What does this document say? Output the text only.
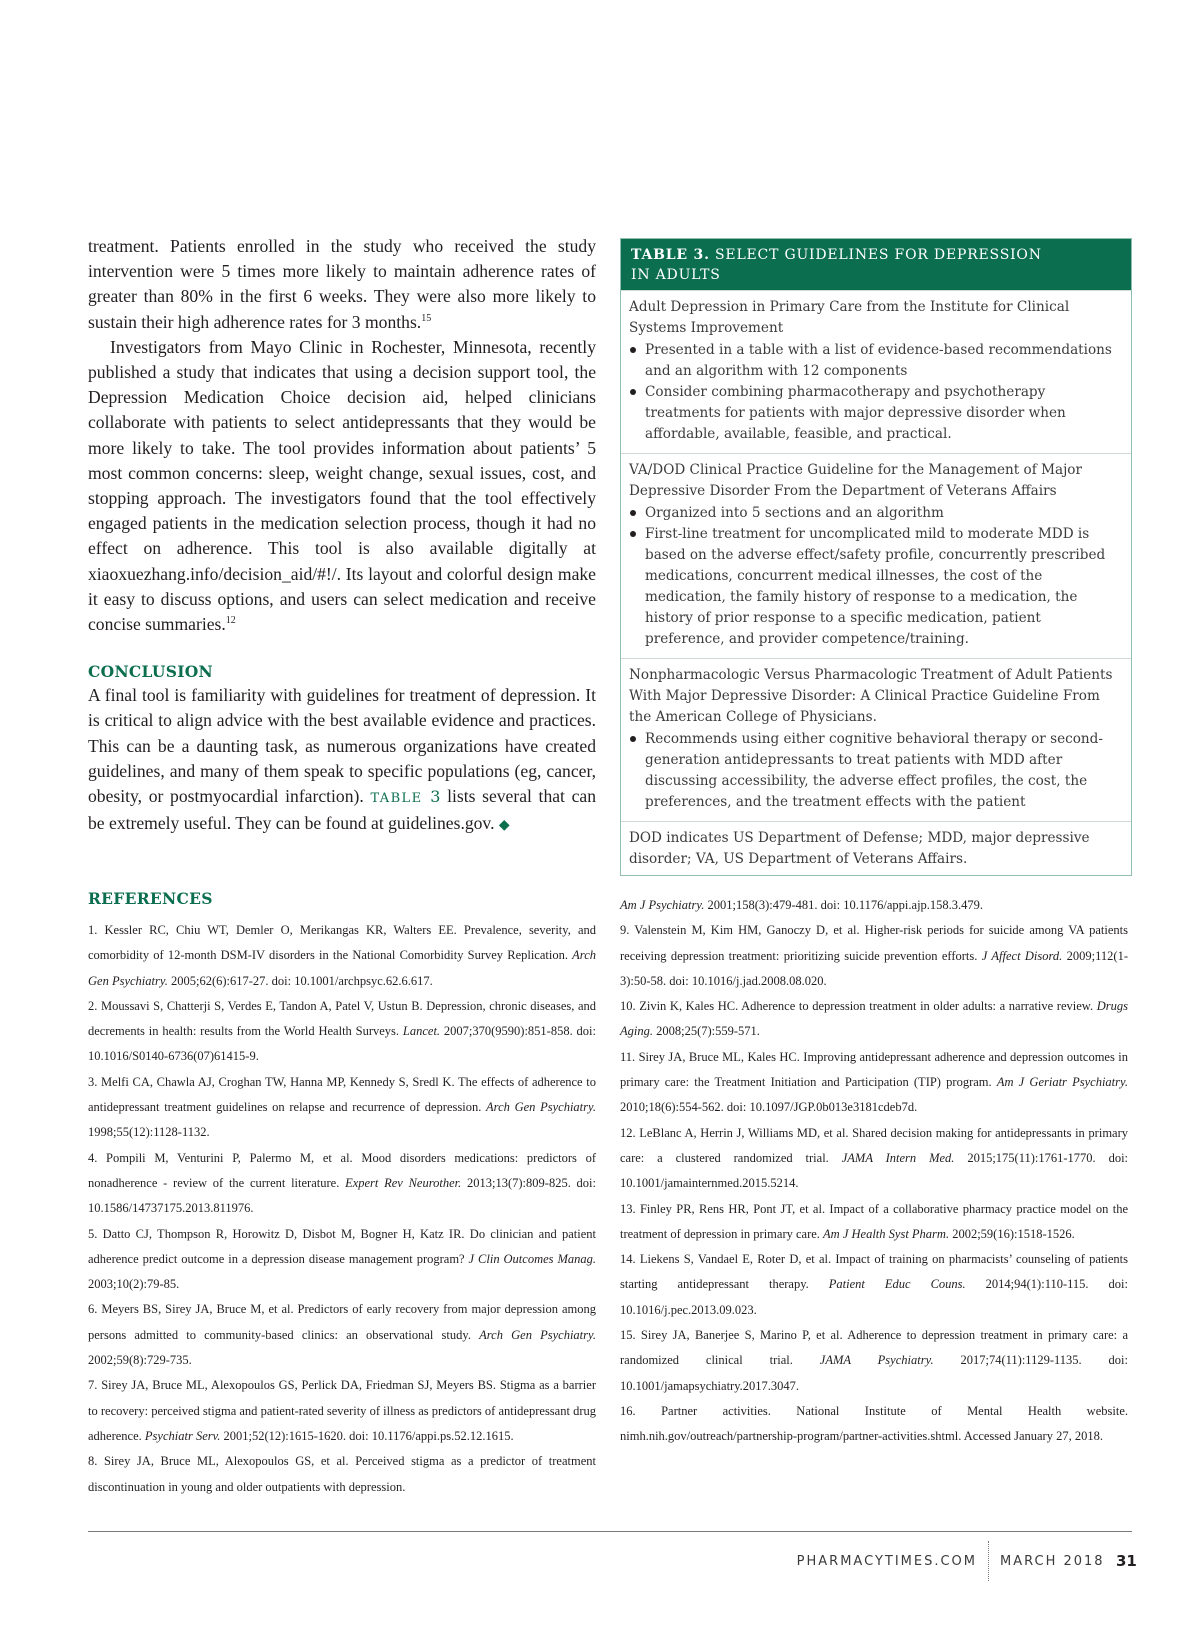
treatment. Patients enrolled in the study who received the study intervention were 5 times more likely to maintain adherence rates of greater than 80% in the first 6 weeks. They were also more likely to sustain their high adherence rates for 3 months.$^{15}$

Investigators from Mayo Clinic in Rochester, Minnesota, recently published a study that indicates that using a decision support tool, the Depression Medication Choice decision aid, helped clinicians collaborate with patients to select antidepressants that they would be more likely to take. The tool provides information about patients’ 5 most common concerns: sleep, weight change, sexual issues, cost, and stopping approach. The investigators found that the tool effectively engaged patients in the medication selection process, though it had no effect on adherence. This tool is also available digitally at xiaoxuezhang.info/decision_aid/#!/. Its layout and colorful design make it easy to discuss options, and users can select medication and receive concise summaries.$^{12}$

CONCLUSION

A final tool is familiarity with guidelines for treatment of depression. It is critical to align advice with the best available evidence and practices. This can be a daunting task, as numerous organizations have created guidelines, and many of them speak to specific populations (eg, cancer, obesity, or postmyocardial infarction). TABLE 3 lists several that can be extremely useful. They can be found at guidelines.gov. ◆

TABLE 3. SELECT GUIDELINES FOR DEPRESSION
IN ADULTS
Adult Depression in Primary Care from the Institute for Clinical Systems Improvement
Presented in a table with a list of evidence-based recommendations and an algorithm with 12 components
Consider combining pharmacotherapy and psychotherapy treatments for patients with major depressive disorder when affordable, available, feasible, and practical.
VA/DOD Clinical Practice Guideline for the Management of Major Depressive Disorder From the Department of Veterans Affairs
Organized into 5 sections and an algorithm
First-line treatment for uncomplicated mild to moderate MDD is based on the adverse effect/safety profile, concurrently prescribed medications, concurrent medical illnesses, the cost of the medication, the family history of response to a medication, the history of prior response to a specific medication, patient preference, and provider competence/training.
Nonpharmacologic Versus Pharmacologic Treatment of Adult Patients With Major Depressive Disorder: A Clinical Practice Guideline From the American College of Physicians.
Recommends using either cognitive behavioral therapy or second-generation antidepressants to treat patients with MDD after discussing accessibility, the adverse effect profiles, the cost, the preferences, and the treatment effects with the patient
DOD indicates US Department of Defense; MDD, major depressive disorder; VA, US Department of Veterans Affairs.
REFERENCES

1. Kessler RC, Chiu WT, Demler O, Merikangas KR, Walters EE. Prevalence, severity, and comorbidity of 12-month DSM-IV disorders in the National Comorbidity Survey Replication. Arch Gen Psychiatry. 2005;62(6):617-27. doi: 10.1001/archpsyc.62.6.617.

2. Moussavi S, Chatterji S, Verdes E, Tandon A, Patel V, Ustun B. Depression, chronic diseases, and decrements in health: results from the World Health Surveys. Lancet. 2007;370(9590):851-858. doi: 10.1016/S0140-6736(07)61415-9.

3. Melfi CA, Chawla AJ, Croghan TW, Hanna MP, Kennedy S, Sredl K. The effects of adherence to antidepressant treatment guidelines on relapse and recurrence of depression. Arch Gen Psychiatry. 1998;55(12):1128-1132.

4. Pompili M, Venturini P, Palermo M, et al. Mood disorders medications: predictors of nonadherence - review of the current literature. Expert Rev Neurother. 2013;13(7):809-825. doi: 10.1586/14737175.2013.811976.

5. Datto CJ, Thompson R, Horowitz D, Disbot M, Bogner H, Katz IR. Do clinician and patient adherence predict outcome in a depression disease management program? J Clin Outcomes Manag. 2003;10(2):79-85.

6. Meyers BS, Sirey JA, Bruce M, et al. Predictors of early recovery from major depression among persons admitted to community-based clinics: an observational study. Arch Gen Psychiatry. 2002;59(8):729-735.

7. Sirey JA, Bruce ML, Alexopoulos GS, Perlick DA, Friedman SJ, Meyers BS. Stigma as a barrier to recovery: perceived stigma and patient-rated severity of illness as predictors of antidepressant drug adherence. Psychiatr Serv. 2001;52(12):1615-1620. doi: 10.1176/appi.ps.52.12.1615.

8. Sirey JA, Bruce ML, Alexopoulos GS, et al. Perceived stigma as a predictor of treatment discontinuation in young and older outpatients with depression.

Am J Psychiatry. 2001;158(3):479-481. doi: 10.1176/appi.ajp.158.3.479.

9. Valenstein M, Kim HM, Ganoczy D, et al. Higher-risk periods for suicide among VA patients receiving depression treatment: prioritizing suicide prevention efforts. J Affect Disord. 2009;112(1-3):50-58. doi: 10.1016/j.jad.2008.08.020.

10. Zivin K, Kales HC. Adherence to depression treatment in older adults: a narrative review. Drugs Aging. 2008;25(7):559-571.

11. Sirey JA, Bruce ML, Kales HC. Improving antidepressant adherence and depression outcomes in primary care: the Treatment Initiation and Participation (TIP) program. Am J Geriatr Psychiatry. 2010;18(6):554-562. doi: 10.1097/JGP.0b013e3181cdeb7d.

12. LeBlanc A, Herrin J, Williams MD, et al. Shared decision making for antidepressants in primary care: a clustered randomized trial. JAMA Intern Med. 2015;175(11):1761-1770. doi: 10.1001/jamainternmed.2015.5214.

13. Finley PR, Rens HR, Pont JT, et al. Impact of a collaborative pharmacy practice model on the treatment of depression in primary care. Am J Health Syst Pharm. 2002;59(16):1518-1526.

14. Liekens S, Vandael E, Roter D, et al. Impact of training on pharmacists’ counseling of patients starting antidepressant therapy. Patient Educ Couns. 2014;94(1):110-115. doi: 10.1016/j.pec.2013.09.023.

15. Sirey JA, Banerjee S, Marino P, et al. Adherence to depression treatment in primary care: a randomized clinical trial. JAMA Psychiatry. 2017;74(11):1129-1135. doi: 10.1001/jamapsychiatry.2017.3047.

16. Partner activities. National Institute of Mental Health website. nimh.nih.gov/outreach/partnership-program/partner-activities.shtml. Accessed January 27, 2018.

PHARMACYTIMES.COM MARCH 2018 31
